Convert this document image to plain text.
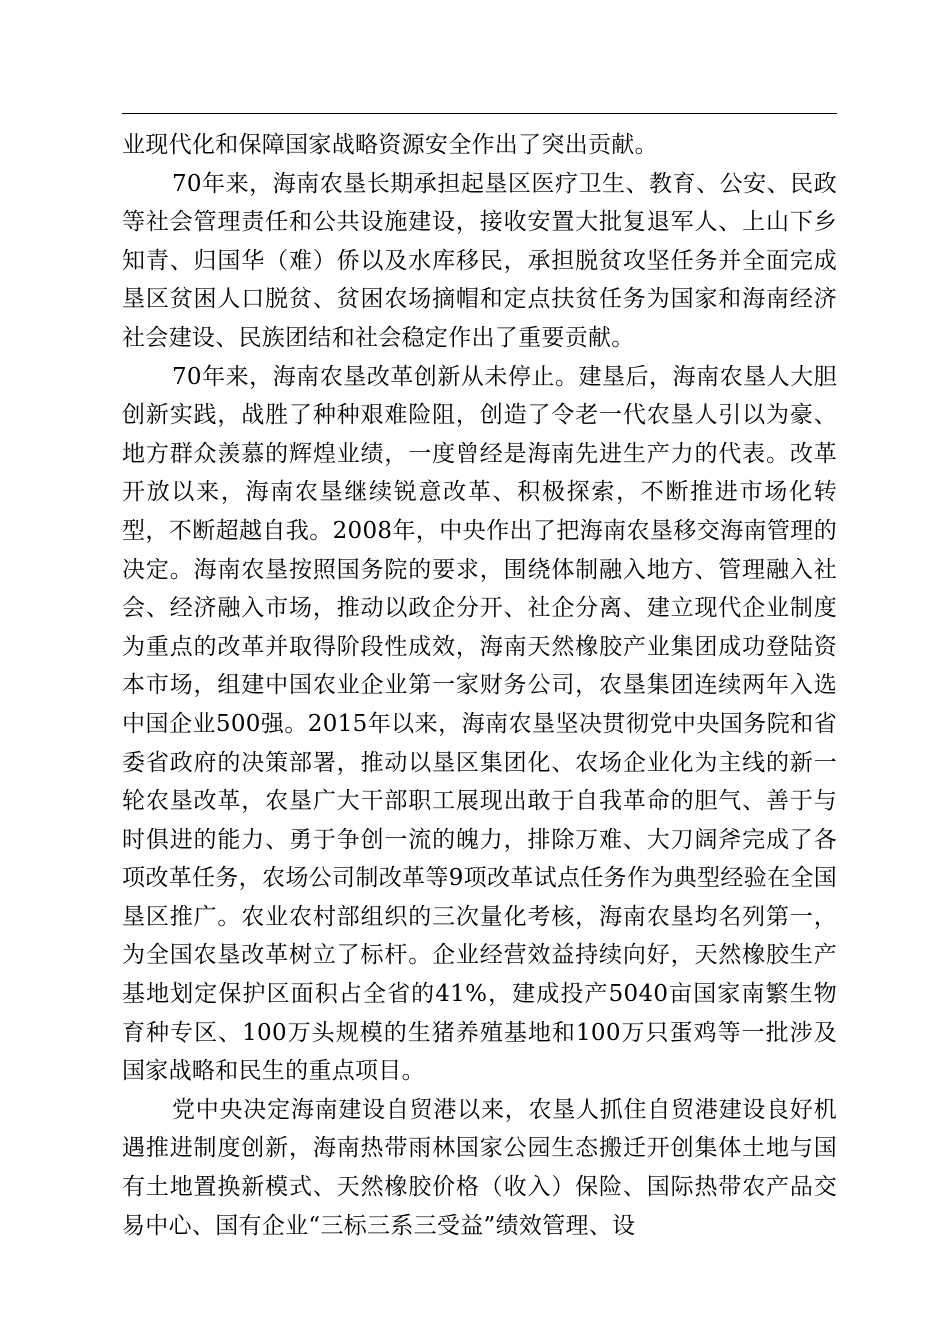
业现代化和保障国家战略资源安全作出了突出贡献。

70年来，海南农垦长期承担起垦区医疗卫生、教育、公安、民政等社会管理责任和公共设施建设，接收安置大批复退军人、上山下乡知青、归国华（难）侨以及水库移民，承担脱贫攻坚任务并全面完成垦区贫困人口脱贫、贫困农场摘帽和定点扶贫任务为国家和海南经济社会建设、民族团结和社会稳定作出了重要贡献。

70年来，海南农垦改革创新从未停止。建垦后，海南农垦人大胆创新实践，战胜了种种艰难险阻，创造了令老一代农垦人引以为豪、地方群众羡慕的辉煌业绩，一度曾经是海南先进生产力的代表。改革开放以来，海南农垦继续锐意改革、积极探索，不断推进市场化转型，不断超越自我。2008年，中央作出了把海南农垦移交海南管理的决定。海南农垦按照国务院的要求，围绕体制融入地方、管理融入社会、经济融入市场，推动以政企分开、社企分离、建立现代企业制度为重点的改革并取得阶段性成效，海南天然橡胶产业集团成功登陆资本市场，组建中国农业企业第一家财务公司，农垦集团连续两年入选中国企业500强。2015年以来，海南农垦坚决贯彻党中央国务院和省委省政府的决策部署，推动以垦区集团化、农场企业化为主线的新一轮农垦改革，农垦广大干部职工展现出敢于自我革命的胆气、善于与时俱进的能力、勇于争创一流的魄力，排除万难、大刀阔斧完成了各项改革任务，农场公司制改革等9项改革试点任务作为典型经验在全国垦区推广。农业农村部组织的三次量化考核，海南农垦均名列第一，为全国农垦改革树立了标杆。企业经营效益持续向好，天然橡胶生产基地划定保护区面积占全省的41%，建成投产5040亩国家南繁生物育种专区、100万头规模的生猪养殖基地和100万只蛋鸡等一批涉及国家战略和民生的重点项目。

党中央决定海南建设自贸港以来，农垦人抓住自贸港建设良好机遇推进制度创新，海南热带雨林国家公园生态搬迁开创集体土地与国有土地置换新模式、天然橡胶价格（收入）保险、国际热带农产品交易中心、国有企业“三标三系三受益”绩效管理、设
